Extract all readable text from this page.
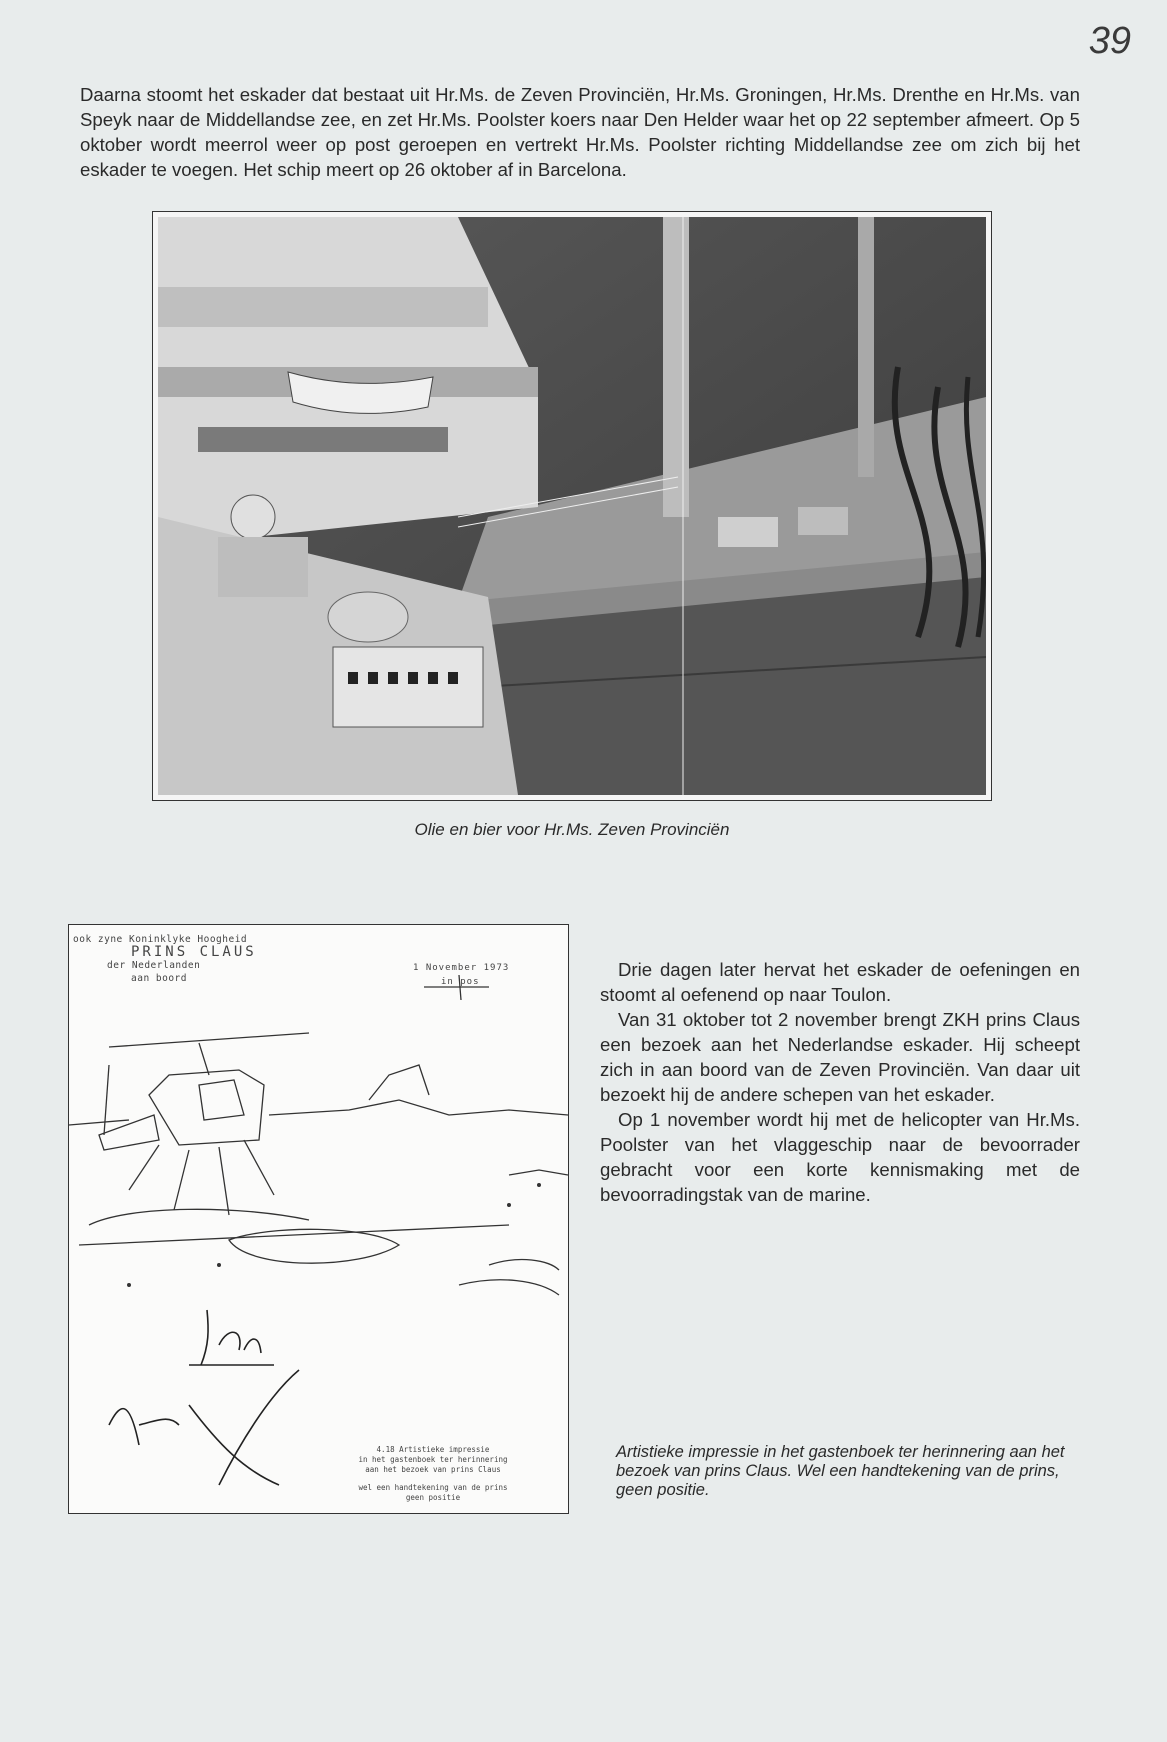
39

Daarna stoomt het eskader dat bestaat uit Hr.Ms. de Zeven Provinciën, Hr.Ms. Groningen, Hr.Ms. Drenthe en Hr.Ms. van Speyk naar de Middellandse zee, en zet Hr.Ms. Poolster koers naar Den Helder waar het op 22 september afmeert. Op 5 oktober wordt meerrol weer op post geroepen en vertrekt Hr.Ms. Poolster richting Middellandse zee om zich bij het eskader te voegen. Het schip meert op 26 oktober af in Barcelona.

Olie en bier voor Hr.Ms. Zeven Provinciën

ook zyne Koninklyke Hoogheid
PRINS CLAUS
der Nederlanden
aan boord
1 November 1973
in pos

4.18 Artistieke impressie

in het gastenboek ter herinnering

aan het bezoek van prins Claus

wel een handtekening van de prins

geen positie

Drie dagen later hervat het eskader de oefeningen en stoomt al oefenend op naar Toulon.

Van 31 oktober tot 2 november brengt ZKH prins Claus een bezoek aan het Nederlandse eskader. Hij scheept zich in aan boord van de Zeven Provinciën. Van daar uit bezoekt hij de andere schepen van het eskader.

Op 1 november wordt hij met de helicopter van Hr.Ms. Poolster van het vlaggeschip naar de bevoorrader gebracht voor een korte kennismaking met de bevoorradingstak van de marine.

Artistieke impressie in het gastenboek ter herinnering aan het bezoek van prins Claus. Wel een handtekening van de prins, geen positie.
